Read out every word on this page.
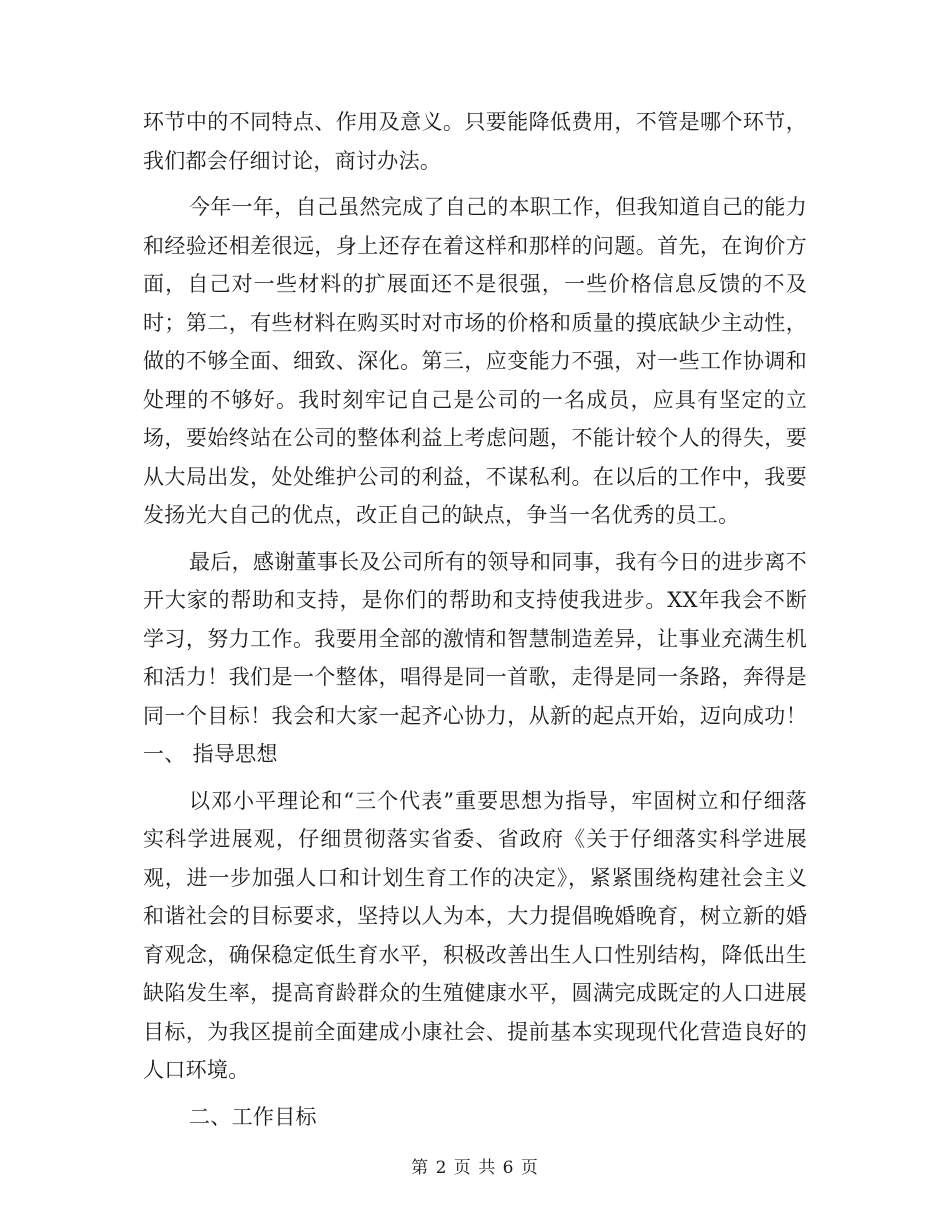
环节中的不同特点、作用及意义。只要能降低费用，不管是哪个环节，我们都会仔细讨论，商讨办法。

今年一年，自己虽然完成了自己的本职工作，但我知道自己的能力和经验还相差很远，身上还存在着这样和那样的问题。首先，在询价方面，自己对一些材料的扩展面还不是很强，一些价格信息反馈的不及时；第二，有些材料在购买时对市场的价格和质量的摸底缺少主动性，做的不够全面、细致、深化。第三，应变能力不强，对一些工作协调和处理的不够好。我时刻牢记自己是公司的一名成员，应具有坚定的立场，要始终站在公司的整体利益上考虑问题，不能计较个人的得失，要从大局出发，处处维护公司的利益，不谋私利。在以后的工作中，我要发扬光大自己的优点，改正自己的缺点，争当一名优秀的员工。

最后，感谢董事长及公司所有的领导和同事，我有今日的进步离不开大家的帮助和支持，是你们的帮助和支持使我进步。XX年我会不断学习，努力工作。我要用全部的激情和智慧制造差异，让事业充满生机和活力！我们是一个整体，唱得是同一首歌，走得是同一条路，奔得是同一个目标！我会和大家一起齐心协力，从新的起点开始，迈向成功！一、 指导思想

以邓小平理论和“三个代表”重要思想为指导，牢固树立和仔细落实科学进展观，仔细贯彻落实省委、省政府《关于仔细落实科学进展观，进一步加强人口和计划生育工作的决定》，紧紧围绕构建社会主义和谐社会的目标要求，坚持以人为本，大力提倡晚婚晚育，树立新的婚育观念，确保稳定低生育水平，积极改善出生人口性别结构，降低出生缺陷发生率，提高育龄群众的生殖健康水平，圆满完成既定的人口进展目标，为我区提前全面建成小康社会、提前基本实现现代化营造良好的人口环境。

二、工作目标

第 2 页 共 6 页
